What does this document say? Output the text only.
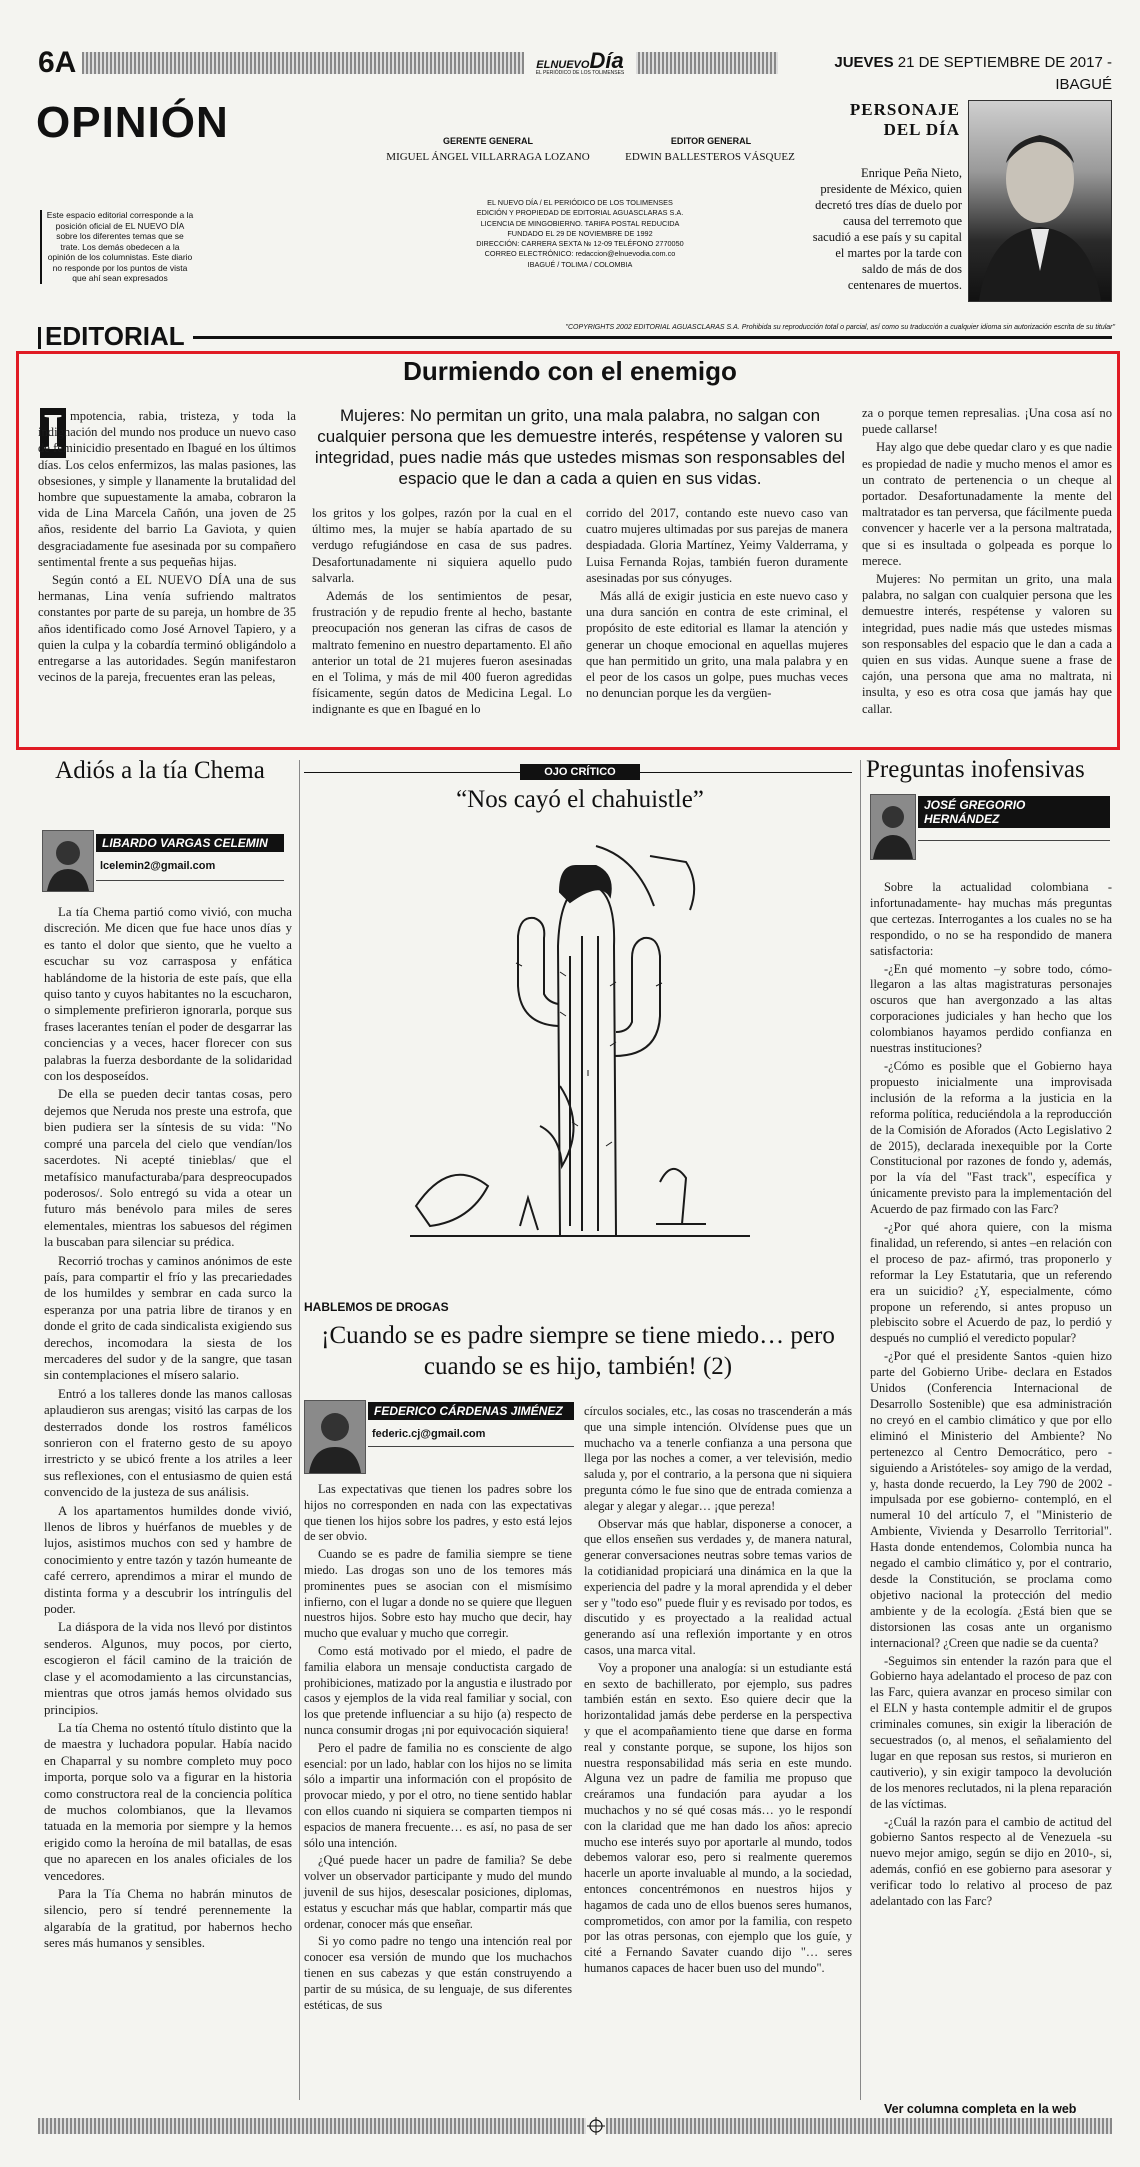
6A	ELNUEVODía
EL PERIÓDICO DE LOS TOLIMENSES
JUEVES 21 DE SEPTIEMBRE DE 2017 - IBAGUÉ
OPINIÓN
Este espacio editorial corresponde a la posición oficial de EL NUEVO DÍA sobre los diferentes temas que se trate. Los demás obedecen a la opinión de los columnistas. Este diario no responde por los puntos de vista que ahí sean expresados
GERENTE GENERAL
MIGUEL ÁNGEL VILLARRAGA LOZANO
EDITOR GENERAL
EDWIN BALLESTEROS VÁSQUEZ
EL NUEVO DÍA / EL PERIÓDICO DE LOS TOLIMENSES
EDICIÓN Y PROPIEDAD DE EDITORIAL AGUASCLARAS S.A.
LICENCIA DE MINGOBIERNO. TARIFA POSTAL REDUCIDA
FUNDADO EL 29 DE NOVIEMBRE DE 1992
DIRECCIÓN: CARRERA SEXTA № 12-09 TELÉFONO 2770050
CORREO ELECTRÓNICO: redaccion@elnuevodia.com.co
IBAGUÉ / TOLIMA / COLOMBIA
PERSONAJE
DEL DÍA
Enrique Peña Nieto, presidente de México, quien decretó tres días de duelo por causa del terremoto que sacudió a ese país y su capital el martes por la tarde con saldo de más de dos centenares de muertos.
"COPYRIGHTS 2002 EDITORIAL AGUASCLARAS S.A. Prohibida su reproducción total o parcial, así como su traducción a cualquier idioma sin autorización escrita de su titular"
EDITORIAL
Durmiendo con el enemigo
I mpotencia, rabia, tristeza, y toda la indignación del mundo nos produce un nuevo caso de feminicidio presentado en Ibagué en los últimos días. Los celos enfermizos, las malas pasiones, las obsesiones, y simple y llanamente la brutalidad del hombre que supuestamente la amaba, cobraron la vida de Lina Marcela Cañón, una joven de 25 años, residente del barrio La Gaviota, y quien desgraciadamente fue asesinada por su compañero sentimental frente a sus pequeñas hijas.

Según contó a EL NUEVO DÍA una de sus hermanas, Lina venía sufriendo maltratos constantes por parte de su pareja, un hombre de 35 años identificado como José Arnovel Tapiero, y a quien la culpa y la cobardía terminó obligándolo a entregarse a las autoridades. Según manifestaron vecinos de la pareja, frecuentes eran las peleas,

Mujeres: No permitan un grito, una mala palabra, no salgan con cualquier persona que les demuestre interés, respétense y valoren su integridad, pues nadie más que ustedes mismas son responsables del espacio que le dan a cada a quien en sus vidas.

los gritos y los golpes, razón por la cual en el último mes, la mujer se había apartado de su verdugo refugiándose en casa de sus padres. Desafortunadamente ni siquiera aquello pudo salvarla.

Además de los sentimientos de pesar, frustración y de repudio frente al hecho, bastante preocupación nos generan las cifras de casos de maltrato femenino en nuestro departamento. El año anterior un total de 21 mujeres fueron asesinadas en el Tolima, y más de mil 400 fueron agredidas físicamente, según datos de Medicina Legal. Lo indignante es que en Ibagué en lo

corrido del 2017, contando este nuevo caso van cuatro mujeres ultimadas por sus parejas de manera despiadada. Gloria Martínez, Yeimy Valderrama, y Luisa Fernanda Rojas, también fueron duramente asesinadas por sus cónyuges.

Más allá de exigir justicia en este nuevo caso y una dura sanción en contra de este criminal, el propósito de este editorial es llamar la atención y generar un choque emocional en aquellas mujeres que han permitido un grito, una mala palabra y en el peor de los casos un golpe, pues muchas veces no denuncian porque les da vergüen-

za o porque temen represalias. ¡Una cosa así no puede callarse!

Hay algo que debe quedar claro y es que nadie es propiedad de nadie y mucho menos el amor es un contrato de pertenencia o un cheque al portador. Desafortunadamente la mente del maltratador es tan perversa, que fácilmente pueda convencer y hacerle ver a la persona maltratada, que si es insultada o golpeada es porque lo merece.

Mujeres: No permitan un grito, una mala palabra, no salgan con cualquier persona que les demuestre interés, respétense y valoren su integridad, pues nadie más que ustedes mismas son responsables del espacio que le dan a cada a quien en sus vidas. Aunque suene a frase de cajón, una persona que ama no maltrata, ni insulta, y eso es otra cosa que jamás hay que callar.

Adiós a la tía Chema
LIBARDO VARGAS CELEMIN
lcelemin2@gmail.com

La tía Chema partió como vivió, con mucha discreción. Me dicen que fue hace unos días y es tanto el dolor que siento, que he vuelto a escuchar su voz carrasposa y enfática hablándome de la historia de este país, que ella quiso tanto y cuyos habitantes no la escucharon, o simplemente prefirieron ignorarla, porque sus frases lacerantes tenían el poder de desgarrar las conciencias y a veces, hacer florecer con sus palabras la fuerza desbordante de la solidaridad con los desposeídos.

De ella se pueden decir tantas cosas, pero dejemos que Neruda nos preste una estrofa, que bien pudiera ser la síntesis de su vida: "No compré una parcela del cielo que vendían/los sacerdotes. Ni acepté tinieblas/ que el metafísico manufacturaba/para despreocupados poderosos/. Solo entregó su vida a otear un futuro más benévolo para miles de seres elementales, mientras los sabuesos del régimen la buscaban para silenciar su prédica.

Recorrió trochas y caminos anónimos de este país, para compartir el frío y las precariedades de los humildes y sembrar en cada surco la esperanza por una patria libre de tiranos y en donde el grito de cada sindicalista exigiendo sus derechos, incomodara la siesta de los mercaderes del sudor y de la sangre, que tasan sin contemplaciones el mísero salario.

Entró a los talleres donde las manos callosas aplaudieron sus arengas; visitó las carpas de los desterrados donde los rostros famélicos sonrieron con el fraterno gesto de su apoyo irrestricto y se ubicó frente a los atriles a leer sus reflexiones, con el entusiasmo de quien está convencido de la justeza de sus análisis.

A los apartamentos humildes donde vivió, llenos de libros y huérfanos de muebles y de lujos, asistimos muchos con sed y hambre de conocimiento y entre tazón y tazón humeante de café cerrero, aprendimos a mirar el mundo de distinta forma y a descubrir los intríngulis del poder.

La diáspora de la vida nos llevó por distintos senderos. Algunos, muy pocos, por cierto, escogieron el fácil camino de la traición de clase y el acomodamiento a las circunstancias, mientras que otros jamás hemos olvidado sus principios.

La tía Chema no ostentó título distinto que la de maestra y luchadora popular. Había nacido en Chaparral y su nombre completo muy poco importa, porque solo va a figurar en la historia como constructora real de la conciencia política de muchos colombianos, que la llevamos tatuada en la memoria por siempre y la hemos erigido como la heroína de mil batallas, de esas que no aparecen en los anales oficiales de los vencedores.

Para la Tía Chema no habrán minutos de silencio, pero sí tendré perennemente la algarabía de la gratitud, por habernos hecho seres más humanos y sensibles.

OJO CRÍTICO
“Nos cayó el chahuistle”
HABLEMOS DE DROGAS
¡Cuando se es padre siempre se tiene miedo… pero cuando se es hijo, también! (2)
FEDERICO CÁRDENAS JIMÉNEZ
federic.cj@gmail.com

Las expectativas que tienen los padres sobre los hijos no corresponden en nada con las expectativas que tienen los hijos sobre los padres, y esto está lejos de ser obvio.

Cuando se es padre de familia siempre se tiene miedo. Las drogas son uno de los temores más prominentes pues se asocian con el mismísimo infierno, con el lugar a donde no se quiere que lleguen nuestros hijos. Sobre esto hay mucho que decir, hay mucho que evaluar y mucho que corregir.

Como está motivado por el miedo, el padre de familia elabora un mensaje conductista cargado de prohibiciones, matizado por la angustia e ilustrado por casos y ejemplos de la vida real familiar y social, con los que pretende influenciar a su hijo (a) respecto de nunca consumir drogas ¡ni por equivocación siquiera!

Pero el padre de familia no es consciente de algo esencial: por un lado, hablar con los hijos no se limita sólo a impartir una información con el propósito de provocar miedo, y por el otro, no tiene sentido hablar con ellos cuando ni siquiera se comparten tiempos ni espacios de manera frecuente… es así, no pasa de ser sólo una intención.

¿Qué puede hacer un padre de familia? Se debe volver un observador participante y mudo del mundo juvenil de sus hijos, desescalar posiciones, diplomas, estatus y escuchar más que hablar, compartir más que ordenar, conocer más que enseñar.

Si yo como padre no tengo una intención real por conocer esa versión de mundo que los muchachos tienen en sus cabezas y que están construyendo a partir de su música, de su lenguaje, de sus diferentes estéticas, de sus

círculos sociales, etc., las cosas no trascenderán a más que una simple intención. Olvídense pues que un muchacho va a tenerle confianza a una persona que llega por las noches a comer, a ver televisión, medio saluda y, por el contrario, a la persona que ni siquiera pregunta cómo le fue sino que de entrada comienza a alegar y alegar y alegar… ¡que pereza!

Observar más que hablar, disponerse a conocer, a que ellos enseñen sus verdades y, de manera natural, generar conversaciones neutras sobre temas varios de la cotidianidad propiciará una dinámica en la que la experiencia del padre y la moral aprendida y el deber ser y "todo eso" puede fluir y es revisado por todos, es discutido y es proyectado a la realidad actual generando así una reflexión importante y en otros casos, una marca vital.

Voy a proponer una analogía: si un estudiante está en sexto de bachillerato, por ejemplo, sus padres también están en sexto. Eso quiere decir que la horizontalidad jamás debe perderse en la perspectiva y que el acompañamiento tiene que darse en forma real y constante porque, se supone, los hijos son nuestra responsabilidad más seria en este mundo. Alguna vez un padre de familia me propuso que creáramos una fundación para ayudar a los muchachos y no sé qué cosas más… yo le respondí con la claridad que me han dado los años: aprecio mucho ese interés suyo por aportarle al mundo, todos debemos valorar eso, pero si realmente queremos hacerle un aporte invaluable al mundo, a la sociedad, entonces concentrémonos en nuestros hijos y hagamos de cada uno de ellos buenos seres humanos, comprometidos, con amor por la familia, con respeto por las otras personas, con ejemplo que los guíe, y cité a Fernando Savater cuando dijo "… seres humanos capaces de hacer buen uso del mundo".

Preguntas inofensivas
JOSÉ GREGORIO HERNÁNDEZ

Sobre la actualidad colombiana -infortunadamente- hay muchas más preguntas que certezas. Interrogantes a los cuales no se ha respondido, o no se ha respondido de manera satisfactoria:

-¿En qué momento –y sobre todo, cómo- llegaron a las altas magistraturas personajes oscuros que han avergonzado a las altas corporaciones judiciales y han hecho que los colombianos hayamos perdido confianza en nuestras instituciones?

-¿Cómo es posible que el Gobierno haya propuesto inicialmente una improvisada inclusión de la reforma a la justicia en la reforma política, reduciéndola a la reproducción de la Comisión de Aforados (Acto Legislativo 2 de 2015), declarada inexequible por la Corte Constitucional por razones de fondo y, además, por la vía del "Fast track", específica y únicamente previsto para la implementación del Acuerdo de paz firmado con las Farc?

-¿Por qué ahora quiere, con la misma finalidad, un referendo, si antes –en relación con el proceso de paz- afirmó, tras proponerlo y reformar la Ley Estatutaria, que un referendo era un suicidio? ¿Y, especialmente, cómo propone un referendo, si antes propuso un plebiscito sobre el Acuerdo de paz, lo perdió y después no cumplió el veredicto popular?

-¿Por qué el presidente Santos -quien hizo parte del Gobierno Uribe- declara en Estados Unidos (Conferencia Internacional de Desarrollo Sostenible) que esa administración no creyó en el cambio climático y que por ello eliminó el Ministerio del Ambiente? No pertenezco al Centro Democrático, pero -siguiendo a Aristóteles- soy amigo de la verdad, y, hasta donde recuerdo, la Ley 790 de 2002 -impulsada por ese gobierno- contempló, en el numeral 10 del artículo 7, el "Ministerio de Ambiente, Vivienda y Desarrollo Territorial". Hasta donde entendemos, Colombia nunca ha negado el cambio climático y, por el contrario, desde la Constitución, se proclama como objetivo nacional la protección del medio ambiente y de la ecología. ¿Está bien que se distorsionen las cosas ante un organismo internacional? ¿Creen que nadie se da cuenta?

-Seguimos sin entender la razón para que el Gobierno haya adelantado el proceso de paz con las Farc, quiera avanzar en proceso similar con el ELN y hasta contemple admitir el de grupos criminales comunes, sin exigir la liberación de secuestrados (o, al menos, el señalamiento del lugar en que reposan sus restos, si murieron en cautiverio), y sin exigir tampoco la devolución de los menores reclutados, ni la plena reparación de las víctimas.

-¿Cuál la razón para el cambio de actitud del gobierno Santos respecto al de Venezuela -su nuevo mejor amigo, según se dijo en 2010-, si, además, confió en ese gobierno para asesorar y verificar todo lo relativo al proceso de paz adelantado con las Farc?

Ver columna completa en la web
